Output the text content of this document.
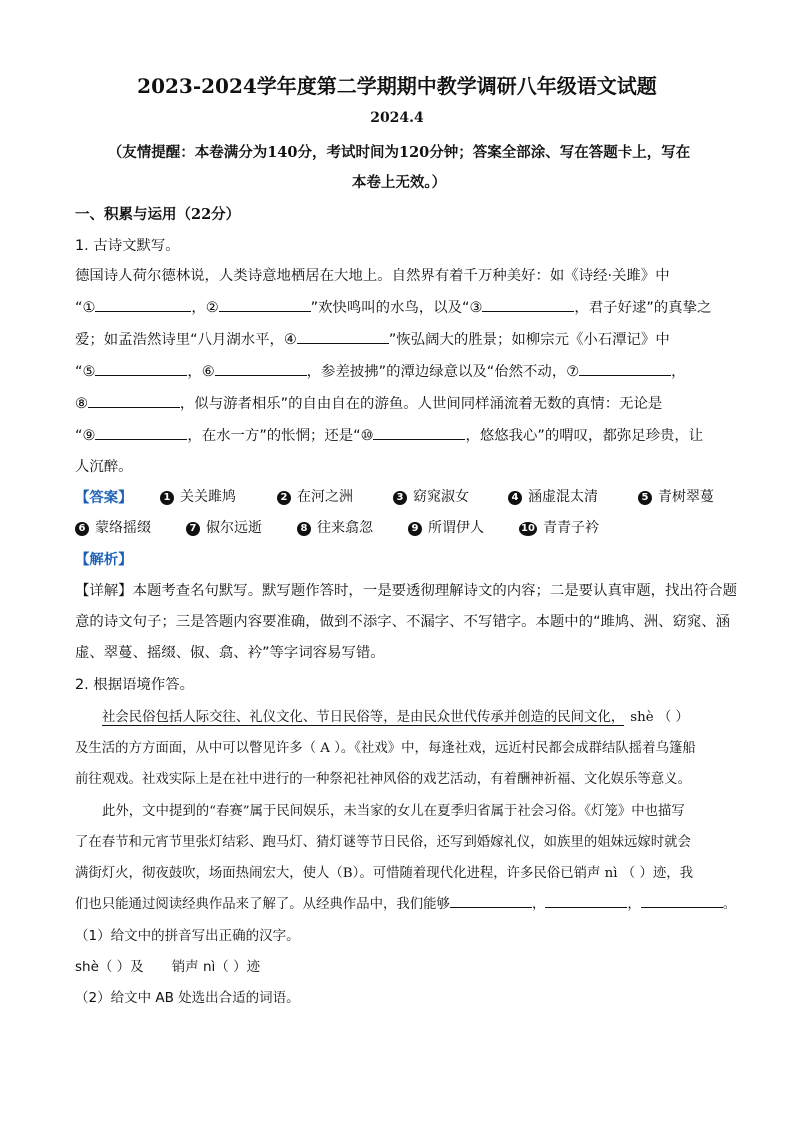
2023-2024学年度第二学期期中教学调研八年级语文试题
2024.4
（友情提醒：本卷满分为140分，考试时间为120分钟；答案全部涂、写在答题卡上，写在
本卷上无效。）
一、积累与运用（22分）
1. 古诗文默写。
德国诗人荷尔德林说，人类诗意地栖居在大地上。自然界有着千万种美好：如《诗经·关雎》中
“①	，②	”欢快鸣叫的水鸟，以及“③	，君子好逑”的真挚之
爱；如孟浩然诗里“八月湖水平，④	”恢弘阔大的胜景；如柳宗元《小石潭记》中
“⑤	，⑥	，参差披拂”的潭边绿意以及“佁然不动，⑦	，
⑧	，似与游者相乐”的自由自在的游鱼。人世间同样涌流着无数的真情：无论是
“⑨	，在水一方”的怅惘；还是“⑩	，悠悠我心”的喟叹，都弥足珍贵，让
人沉醉。
【答案】	1 关关雎鸠	2 在河之洲	3 窈窕淑女	4 涵虚混太清	5 青树翠蔓
6 蒙络摇缀	7 俶尔远逝	8 往来翕忽	9 所谓伊人	10 青青子衿
【解析】
【详解】本题考查名句默写。默写题作答时，一是要透彻理解诗文的内容；二是要认真审题，找出符合题
意的诗文句子；三是答题内容要准确，做到不添字、不漏字、不写错字。本题中的“雎鸠、洲、窈窕、涵
虚、翠蔓、摇缀、俶、翕、衿”等字词容易写错。
2. 根据语境作答。
社会民俗包括人际交往、礼仪文化、节日民俗等，是由民众世代传承并创造的民间文化， shè （ ）
及生活的方方面面，从中可以瞥见许多（ A ）。《社戏》中，每逢社戏，远近村民都会成群结队摇着乌篷船
前往观戏。社戏实际上是在社中进行的一种祭祀社神风俗的戏艺活动，有着酬神祈福、文化娱乐等意义。
此外，文中提到的“春赛”属于民间娱乐，未当家的女儿在夏季归省属于社会习俗。《灯笼》中也描写
了在春节和元宵节里张灯结彩、跑马灯、猜灯谜等节日民俗，还写到婚嫁礼仪，如族里的姐妹远嫁时就会
满街灯火，彻夜鼓吹，场面热闹宏大，使人（B）。可惜随着现代化进程，许多民俗已销声 nì （ ）迹，我
们也只能通过阅读经典作品来了解了。从经典作品中，我们能够	，	，	。
（1）给文中的拼音写出正确的汉字。
shè（ ）及 销声 nì（ ）迹
（2）给文中 AB 处选出合适的词语。
